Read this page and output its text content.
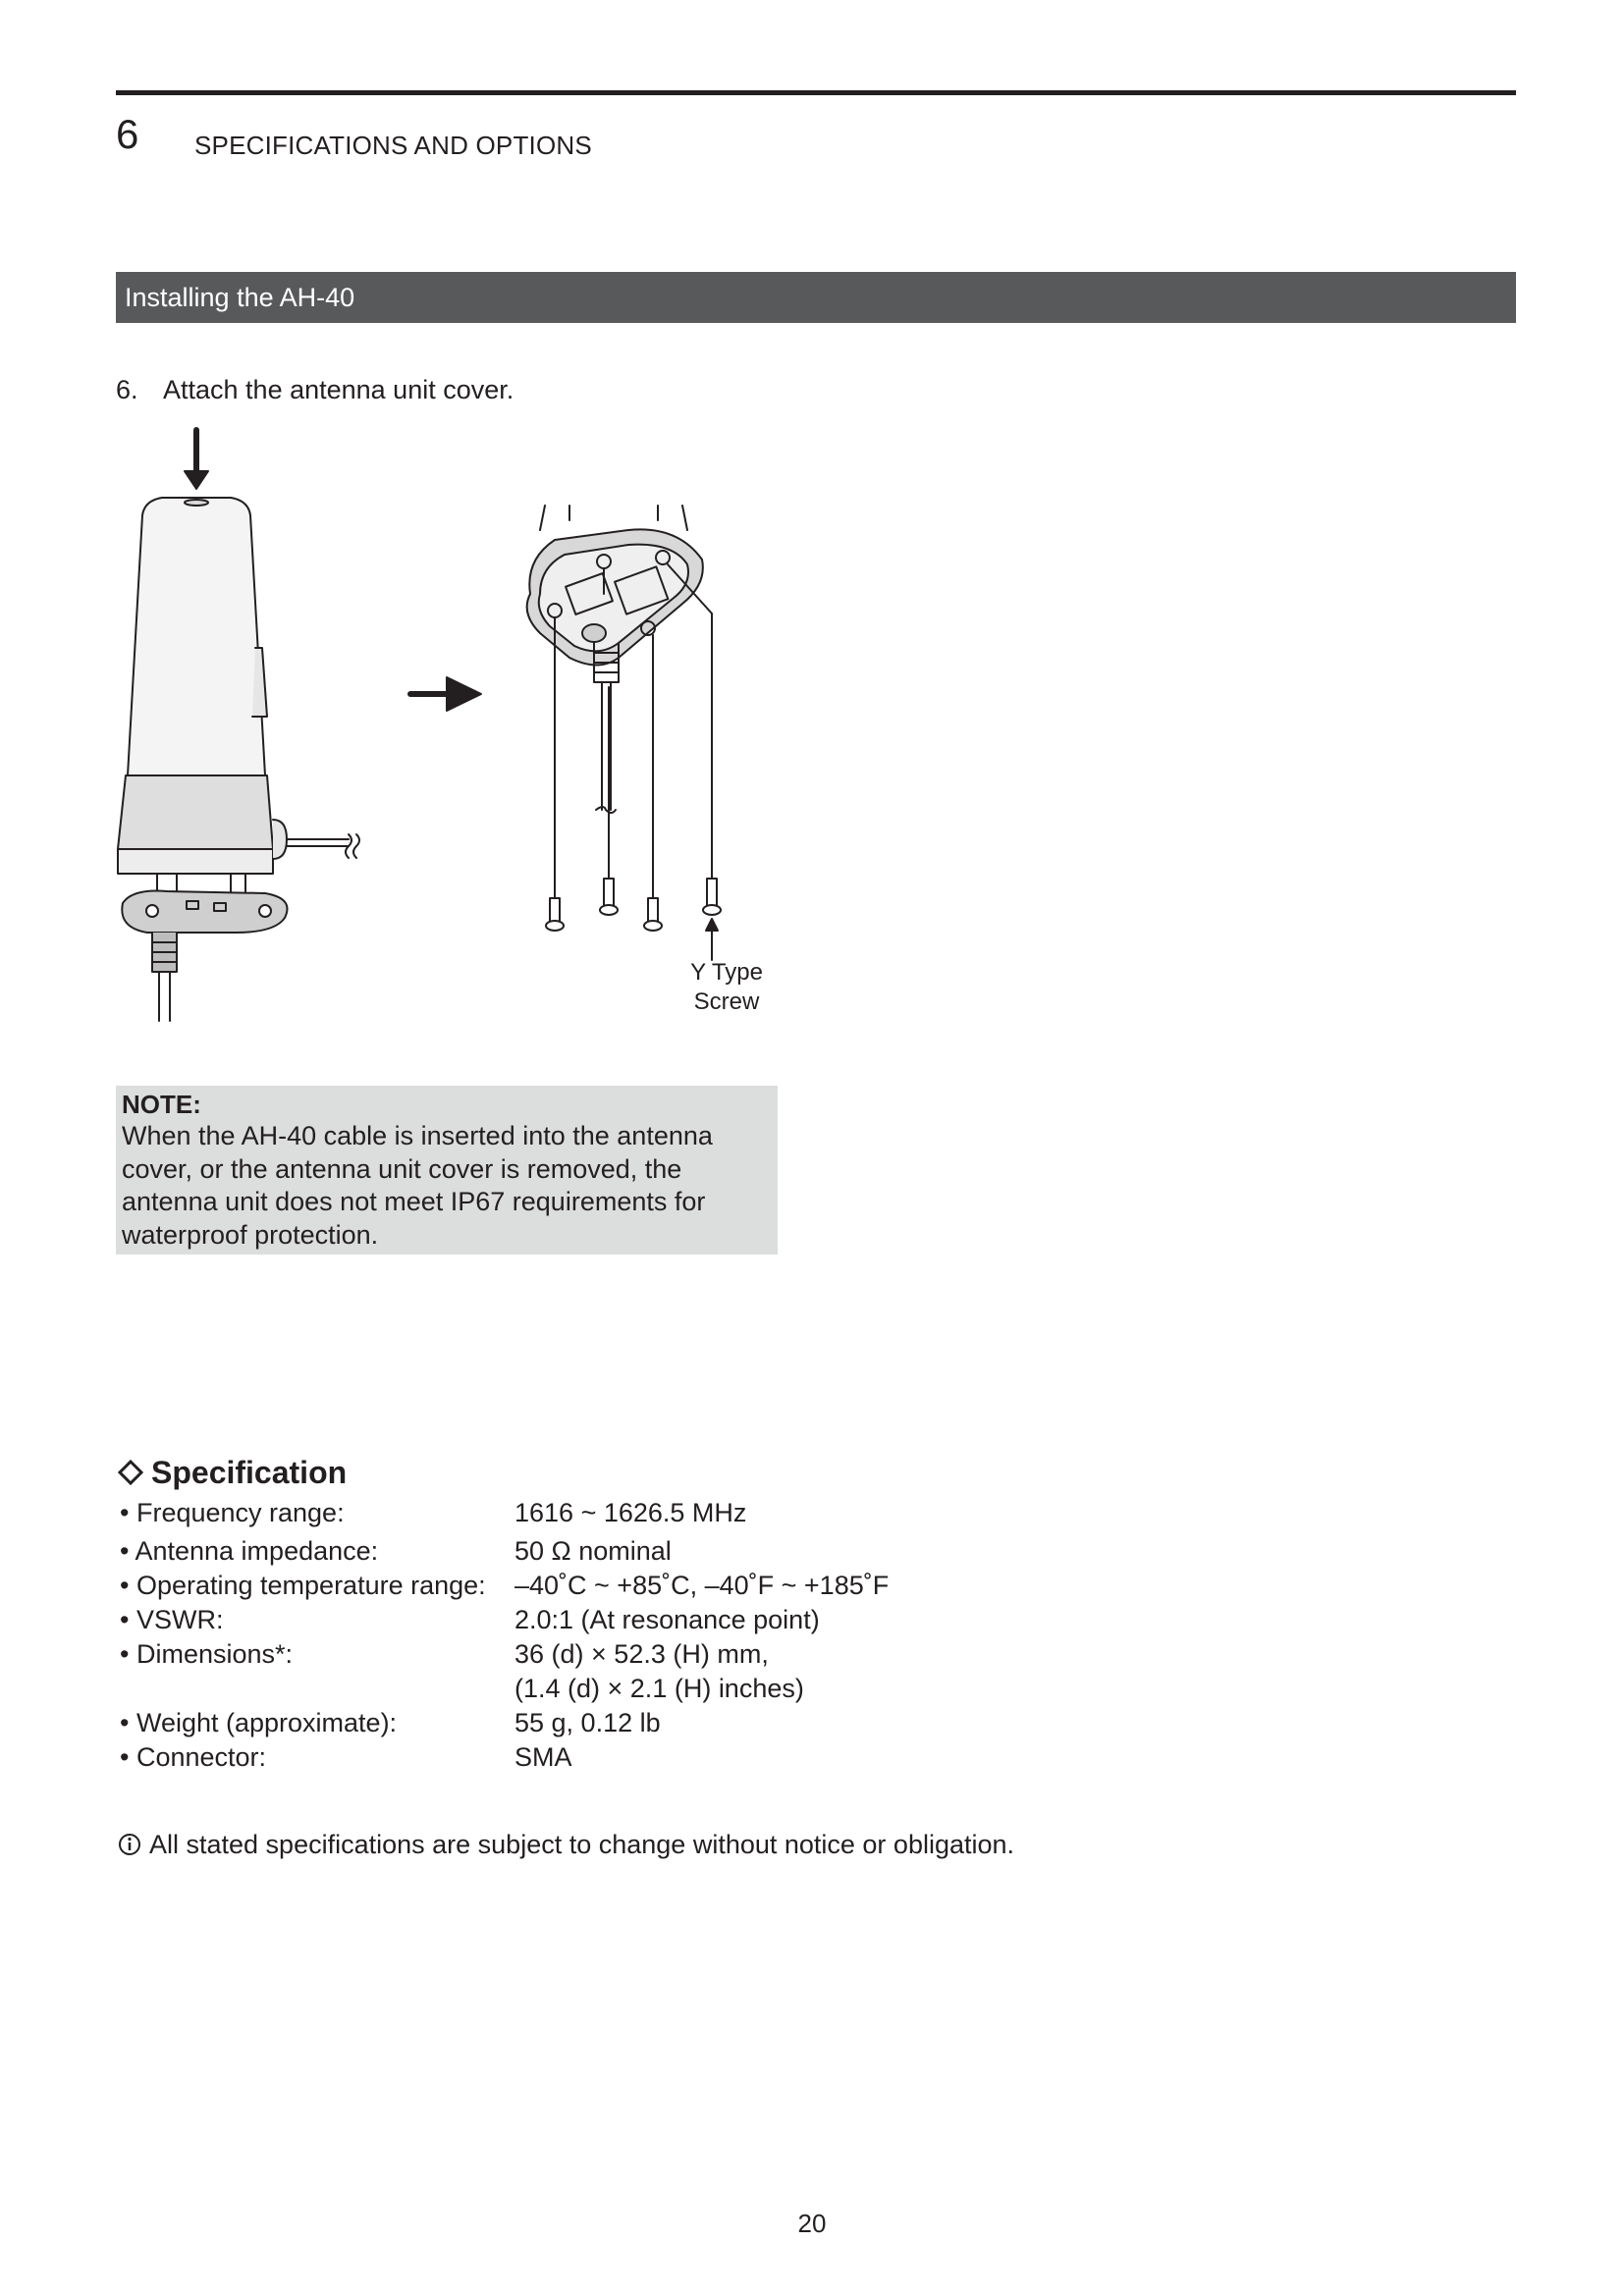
6 SPECIFICATIONS AND OPTIONS
Installing the AH-40
6. Attach the antenna unit cover.
Y Type
Screw
NOTE:
When the AH-40 cable is inserted into the antenna
cover, or the antenna unit cover is removed, the
antenna unit does not meet IP67 requirements for
waterproof protection.
Specification
• Frequency range:	1616 ~ 1626.5 MHz
• Antenna impedance:	50 Ω nominal
• Operating temperature range:	–40˚C ~ +85˚C, –40˚F ~ +185˚F
• VSWR:	2.0:1 (At resonance point)
• Dimensions*:	36 (d) × 52.3 (H) mm,
(1.4 (d) × 2.1 (H) inches)
• Weight (approximate):	55 g, 0.12 lb
• Connector:	SMA
All stated specifications are subject to change without notice or obligation.
20
